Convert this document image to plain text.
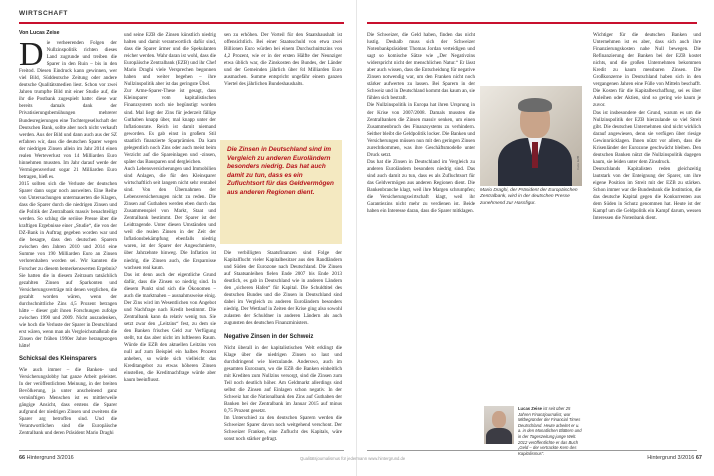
WIRTSCHAFT
Von Lucas Zeise
D ie verheerenden Folgen der Nullzinspolitik richten dieses Land zugrunde und treiben die Sparer in den Ruin – bis in den Freitod. Diesen Eindruck kann gewinnen, wer viel Bild, Süddeutsche Zeitung oder andere deutsche Qualitätsmedien liest. Schon vor zwei Jahren trumpfte Bild mit einer Studie auf, die ihr die Postbank zugespielt hatte: diese war bereits damals dank der Privatisierungsbemühungen mehrerer Bundesregierungen eine Tochtergesellschaft der Deutschen Bank, sollte aber noch nicht verkauft werden. Aus der Bild und dann auch aus der SZ erfahren wir, dass die deutschen Sparer wegen der niedrigen Zinsen allein im Jahr 2014 einen realen Werteverlust von 14 Milliarden Euro hinnehmen mussten. Im Jahr darauf werde der Vermögensverlust sogar 21 Milliarden Euro betragen, hieß es.

2015 sollten sich die Verluste der deutschen Sparer dann sogar noch ausweiten. Eine Reihe von Untersuchungen untermauerten die Klagen, dass die Sparer durch die niedrigen Zinsen und die Politik der Zentralbank massiv benachteiligt werden. So schlug die seriöse Presse über die kraftigen Ergebnisse einer „Studie“, die von der DZ-Bank in Auftrag gegeben worden war und die besagte, dass den deutschen Sparern zwischen den Jahren 2010 und 2014 eine Summe von 190 Milliarden Euro an Zinsen verlorenhaben worden sei. Wir kannten die Forscher zu diesem bemerkenswerten Ergebnis? Sie hatten die in diesem Zeitraum tatsächlich gezahlten Zinsen auf Sparkonten und Versicherungsverträge mit denen verglichen, die gezahlt worden wären, wenn der durchschnittliche Zins 4,5 Prozent betragen hätte – dieser galt ihnen Forschungen zufolge zwischen 1990 und 2009. Nicht auszudenken, wie hoch die Verluste der Sparer in Deutschland erst wären, wenn man als Vergleichsmaßstab die Zinsen der frühen 1990er Jahre herangezogen hätte!

Schicksal des Kleinsparers

Wie auch immer – die Banken- und Versicherungslobby hat ganze Arbeit geleistet. In der veröffentlichten Meinung, in der breiten Bevölkerung, ja unter anscheinend ganz vernünftigen Menschen ist es mittlerweile gängige Ansicht, dass erstens die Sparer aufgrund der niedrigen Zinsen und zweitens die Sparer arg betroffen sind. Und die Verantwortlichen sind die Europäische Zentralbank und deren Präsident Mario Draghi

und seine EZB die Zinsen künstlich niedrig halten und damit verantwortlich dafür sind, dass die Sparer ärmer und die Spekulanten reicher werden. Wahr daran ist wohl, dass die Europäische Zentralbank (EZB) und ihr Chef Mario Draghi viele Versprechen begonnen haben und weiter begehen – ihre Nullzinspolitik aber ist das geringste Übel.

Zur Arme-Sparer-These ist gesagt, dass Kleinsparer vom kapitalistischen Finanzsystem noch nie begünstigt worden sind. Mal liegt der Zins für jederzeit fällige Guthaben knapp über, mal knapp unter der Inflationsrate. Reich ist damit niemand geworden. Es gab einst in großem Stil staatlich finanzierte Sparprämien. Da kam gelegentlich noch Zins oder auch meist beim Verzicht auf die Spareinlagen und -zinsen, später das Bausparen und dergleichen.

Auch Lebensversicherungen und Immobilien sind Anlagen, die für den Kleinsparer wirtschaftlich seit langem nicht sehr rentabel sind. Von den Übernahmen der Lebensversicherungen nicht zu reden. Die Zinsen auf Guthaben werden eben durch das Zusammenspiel von Markt, Staat und Zentralbank bestimmt. Der Sparer ist der Leidtragende. Unter diesen Umständen und weil die realen Zinsen in der Zeit der Inflationsbekämpfung ebenfalls niedrig waren, ist der Sparer der Angeschmierte, über Jahrzehnte hinweg. Die Inflation ist niedrig, die Zinsen auch, die Ersparnisse wachsen real kaum.

Das ist denn auch der eigentliche Grund dafür, dass die Zinsen so niedrig sind. In diesem Punkt sind sich die Ökonomen – auch die marktnahen – ausnahmsweise einig. Der Zins wird im Wesentlichen von Angebot und Nachfrage nach Kredit bestimmt. Die Zentralbank kann da relativ wenig tun. Sie setzt zwar den „Leitzins“ fest, zu dem sie den Banken frisches Geld zur Verfügung stellt, tut das aber nicht im luftleeren Raum. Würde die EZB den aktuellen Leitzins von null auf zum Beispiel ein halbes Prozent anheben, so würde sich vielleicht das Kreditangebot zu etwas höheren Zinsen einstellen, die Kreditnachfrage würde aber kaum beeinflusst.

Die Zinsen in Deutschland sind im Vergleich zu anderen Euroländern besonders niedrig. Das hat auch damit zu tun, dass es ein Zufluchtsort für das Geldvermögen aus anderen Regionen dient.

sen zu erhöhen. Der Vorteil für den Staatshaushalt ist offensichtlich. Bei einer Staatsschuld von etwa zwei Billionen Euro würden bei einem Durchschnittszins von 4,2 Prozent, wie er in der ersten Hälfte der Neunziger etwa üblich war, die Zinskosten des Bundes, der Länder und der Gemeinden jährlich über 84 Milliarden Euro ausmachen. Summe entspricht ungefähr einem ganzen Viertel des jährlichen Bundeshaushalts.

Die verbilligten Staatsfinanzen sind Folge der Kapitalflucht vieler Kapitalbesitzer aus den Randländern und Süden der Eurozone nach Deutschland. Die Zinsen auf Staatsanleihen fielen Ende 2007 bis Ende 2013 deutlich, es gab in Deutschland wie in anderen Ländern den „sicheren Hafen“ für Kapital. Die Schuldtitel des deutschen Bundes und die Zinsen in Deutschland sind dabei im Vergleich zu anderen Euroländern besonders niedrig. Der Wettlauf in Zeiten der Krise ging also sowohl zulasten der Schuldner in anderen Ländern als auch zugunsten des deutschen Finanzministers.

Negative Zinsen in der Schweiz

Nicht überall in der kapitalistischen Welt erklingt die Klage über die niedrigen Zinsen so laut und durchdringend wie hierzulande. Anderswo, auch im gesamten Euroraum, wo die EZB die Banken einheitlich mit Krediten zum Nullzins versorgt, sind die Zinsen zum Teil noch deutlich höher. Am Geldmarkt allerdings sind selbst die Zinsen auf Einlagen schon negativ. In der Schweiz hat die Nationalbank den Zins auf Guthaben der Banken bei der Zentralbank im Januar 2015 auf minus 0,75 Prozent gesetzt.

Im Unterschied zu den deutschen Sparern werden die Schweizer Sparer davon noch weitgehend verschont. Der Schweizer Franken, eine Zuflucht des Kapitals, wäre sonst noch stärker gefragt.

66 Hintergrund 3/2016

Die Schweizer, die Geld haben, finden das nicht lustig. Deshalb muss sich der Schweizer Notenbankpräsident Thomas Jordan verteidigen und sagt so komische Sätze wie „Der Negativzins widerspricht nicht der menschlichen Natur.“ Er lässt aber auch wissen, dass die Entscheidung für negative Zinsen notwendig war, um den Franken nicht noch stärker aufwerten zu lassen. Bei Sparern in der Schweiz und in Deutschland kommt das kaum an, sie fühlen sich bestraft.

Die Nullzinspolitik in Europa hat ihren Ursprung in der Krise von 2007/2008. Damals mussten die Zentralbanken die Zinsen massiv senken, um einen Zusammenbruch des Finanzsystems zu verhindern. Seither bleibt die Geldpolitik locker. Die Banken und Versicherungen müssen nun mit den geringen Zinsen zurechtkommen, was ihre Geschäftsmodelle unter Druck setzt.

Das hat die Zinsen in Deutschland im Vergleich zu anderen Euroländern besonders niedrig sind. Das sind auch damit zu tun, dass es als Zufluchtsort für das Geldvermögen aus anderen Regionen dient. Die Bankenbranche klagt, weil ihre Margen schrumpfen; die Versicherungswirtschaft klagt, weil ihr Garantiezins nicht mehr zu verdienen ist. Beide haben ein Interesse daran, dass die Sparer mitklagen.

Wichtiger für die deutschen Banken und Unternehmen ist es aber, dass sich auch ihre Finanzierungskosten nahe Null bewegen. Die Refinanzierung der Banken bei der EZB kostet nichts, und die großen Unternehmen bekommen Kredit zu kaum messbaren Zinsen. Die Großkonzerne in Deutschland haben sich in den vergangenen Jahren eine Fülle von Mitteln beschafft. Die Kosten für die Kapitalbeschaffung, sei es über Anleihen oder Aktien, sind so gering wie kaum je zuvor.

Das ist insbesondere der Grund, warum es um die Nullzinspolitik der EZB hierzulande so viel Streit gibt. Die deutschen Unternehmen sind nicht wirklich darauf angewiesen, denn sie verfügen über riesige Gewinnrücklagen. Ihnen nützt vor allem, dass die Krisenländer der Eurozone geschwächt bleiben. Den deutschen Banken nützt die Nullzinspolitik dagegen kaum, sie leiden unter dem Zinsdruck.

Deutschlands Kapitalisten reden gleichzeitig lautstark von der Enteignung der Sparer, um ihre eigene Position im Streit mit der EZB zu stärken. Schon immer war die Bundesbank die Institution, die das deutsche Kapital gegen die Konkurrenten aus dem Süden in Schutz genommen hat. Heute ist der Kampf um die Geldpolitik ein Kampf darum, wessen Interessen die Notenbank dient.

Hintergrund 3/2016 67
Foto: EZB
Mario Draghi, der Präsident der Europäischen Zentralbank, wird in der deutschen Presse zunehmend zur Hassfigur.
Lucas Zeise ist seit über 25 Jahren Finanzjournalist, war Mitbegründer der Financial Times Deutschland. Heute arbeitet er u. a. in den Monatlichen Blättern und in der Tageszeitung junge Welt. 2012 veröffentlichte er das Buch „Geld – der vertrackte Kern des Kapitalismus“.
Qualitätsjournalismus für jedermann www.hintergrund.de
